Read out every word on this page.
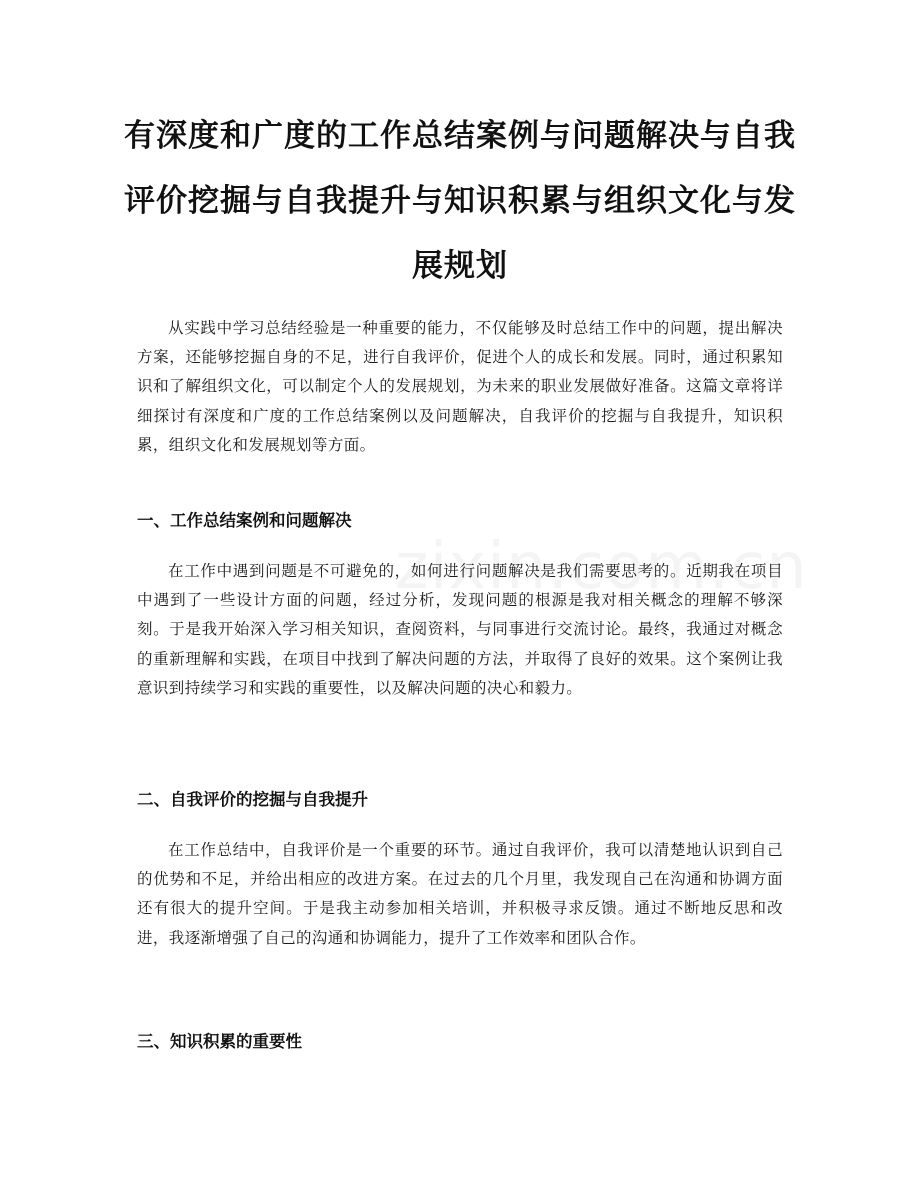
有深度和广度的工作总结案例与问题解决与自我评价挖掘与自我提升与知识积累与组织文化与发展规划

从实践中学习总结经验是一种重要的能力，不仅能够及时总结工作中的问题，提出解决方案，还能够挖掘自身的不足，进行自我评价，促进个人的成长和发展。同时，通过积累知识和了解组织文化，可以制定个人的发展规划，为未来的职业发展做好准备。这篇文章将详细探讨有深度和广度的工作总结案例以及问题解决，自我评价的挖掘与自我提升，知识积累，组织文化和发展规划等方面。

一、工作总结案例和问题解决

在工作中遇到问题是不可避免的，如何进行问题解决是我们需要思考的。近期我在项目中遇到了一些设计方面的问题，经过分析，发现问题的根源是我对相关概念的理解不够深刻。于是我开始深入学习相关知识，查阅资料，与同事进行交流讨论。最终，我通过对概念的重新理解和实践，在项目中找到了解决问题的方法，并取得了良好的效果。这个案例让我意识到持续学习和实践的重要性，以及解决问题的决心和毅力。

二、自我评价的挖掘与自我提升

在工作总结中，自我评价是一个重要的环节。通过自我评价，我可以清楚地认识到自己的优势和不足，并给出相应的改进方案。在过去的几个月里，我发现自己在沟通和协调方面还有很大的提升空间。于是我主动参加相关培训，并积极寻求反馈。通过不断地反思和改进，我逐渐增强了自己的沟通和协调能力，提升了工作效率和团队合作。

三、知识积累的重要性
